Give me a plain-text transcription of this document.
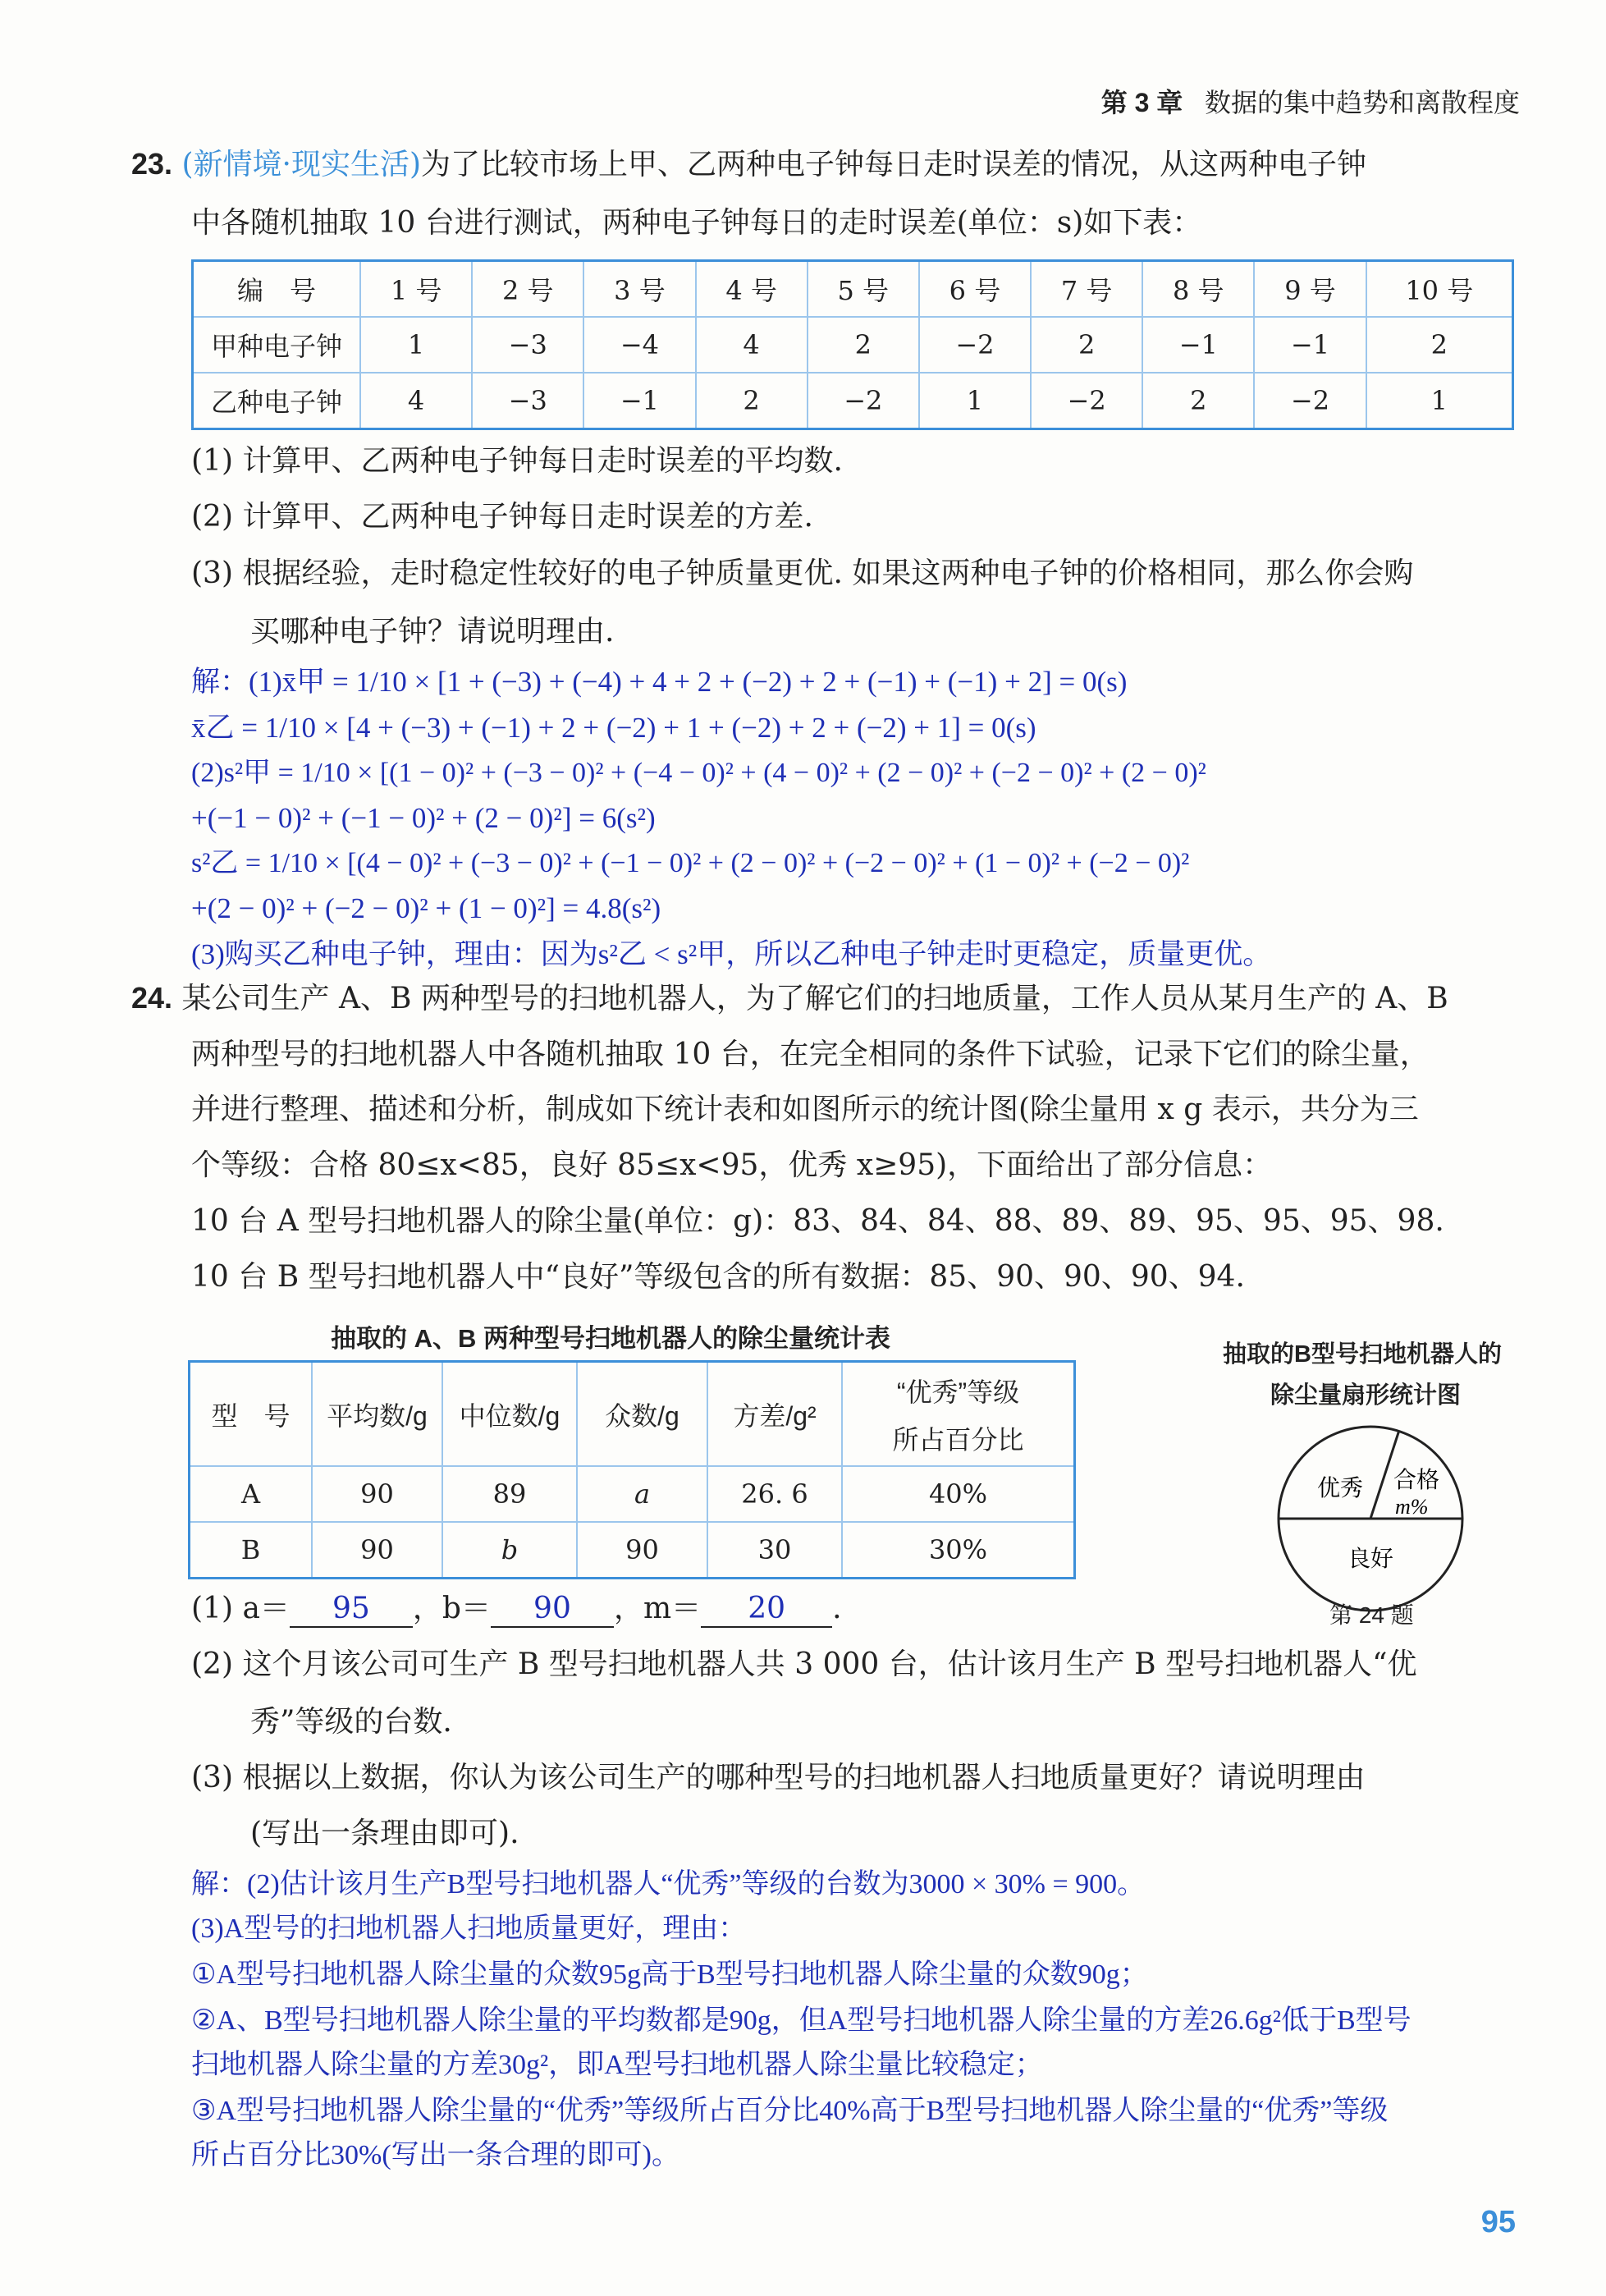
第 3 章 数据的集中趋势和离散程度
23. (新情境·现实生活)为了比较市场上甲、乙两种电子钟每日走时误差的情况，从这两种电子钟
中各随机抽取 10 台进行测试，两种电子钟每日的走时误差(单位：s)如下表：
编　号	1 号	2 号	3 号	4 号	5 号	6 号	7 号	8 号	9 号	10 号
甲种电子钟	1	−3	−4	4	2	−2	2	−1	−1	2
乙种电子钟	4	−3	−1	2	−2	1	−2	2	−2	1
(1) 计算甲、乙两种电子钟每日走时误差的平均数.
(2) 计算甲、乙两种电子钟每日走时误差的方差.
(3) 根据经验，走时稳定性较好的电子钟质量更优. 如果这两种电子钟的价格相同，那么你会购
买哪种电子钟？请说明理由.
解：(1)x̄甲 = 1/10 × [1 + (−3) + (−4) + 4 + 2 + (−2) + 2 + (−1) + (−1) + 2] = 0(s)
x̄乙 = 1/10 × [4 + (−3) + (−1) + 2 + (−2) + 1 + (−2) + 2 + (−2) + 1] = 0(s)
(2)s²甲 = 1/10 × [(1 − 0)² + (−3 − 0)² + (−4 − 0)² + (4 − 0)² + (2 − 0)² + (−2 − 0)² + (2 − 0)²
+(−1 − 0)² + (−1 − 0)² + (2 − 0)²] = 6(s²)
s²乙 = 1/10 × [(4 − 0)² + (−3 − 0)² + (−1 − 0)² + (2 − 0)² + (−2 − 0)² + (1 − 0)² + (−2 − 0)²
+(2 − 0)² + (−2 − 0)² + (1 − 0)²] = 4.8(s²)
(3)购买乙种电子钟，理由：因为s²乙 < s²甲，所以乙种电子钟走时更稳定，质量更优。
24. 某公司生产 A、B 两种型号的扫地机器人，为了解它们的扫地质量，工作人员从某月生产的 A、B
两种型号的扫地机器人中各随机抽取 10 台，在完全相同的条件下试验，记录下它们的除尘量，
并进行整理、描述和分析，制成如下统计表和如图所示的统计图(除尘量用 x g 表示，共分为三
个等级：合格 80≤x<85，良好 85≤x<95，优秀 x≥95)，下面给出了部分信息：
10 台 A 型号扫地机器人的除尘量(单位：g)：83、84、84、88、89、89、95、95、95、98.
10 台 B 型号扫地机器人中“良好”等级包含的所有数据：85、90、90、90、94.
抽取的 A、B 两种型号扫地机器人的除尘量统计表
型　号	平均数/g	中位数/g	众数/g	方差/g²	“优秀”等级
所占百分比

A	90	89	a	26. 6	40%
B	90	b	90	30	30%
抽取的B型号扫地机器人的
除尘量扇形统计图
优秀 合格
m%
良好
第 24 题
(1) a＝ 95 ，b＝ 90 ，m＝ 20 .
(2) 这个月该公司可生产 B 型号扫地机器人共 3 000 台，估计该月生产 B 型号扫地机器人“优
秀”等级的台数.
(3) 根据以上数据，你认为该公司生产的哪种型号的扫地机器人扫地质量更好？请说明理由
(写出一条理由即可).
解：(2)估计该月生产B型号扫地机器人“优秀”等级的台数为3000 × 30% = 900。
(3)A型号的扫地机器人扫地质量更好，理由：
①A型号扫地机器人除尘量的众数95g高于B型号扫地机器人除尘量的众数90g；
②A、B型号扫地机器人除尘量的平均数都是90g，但A型号扫地机器人除尘量的方差26.6g²低于B型号
扫地机器人除尘量的方差30g²，即A型号扫地机器人除尘量比较稳定；
③A型号扫地机器人除尘量的“优秀”等级所占百分比40%高于B型号扫地机器人除尘量的“优秀”等级
所占百分比30%(写出一条合理的即可)。
95
